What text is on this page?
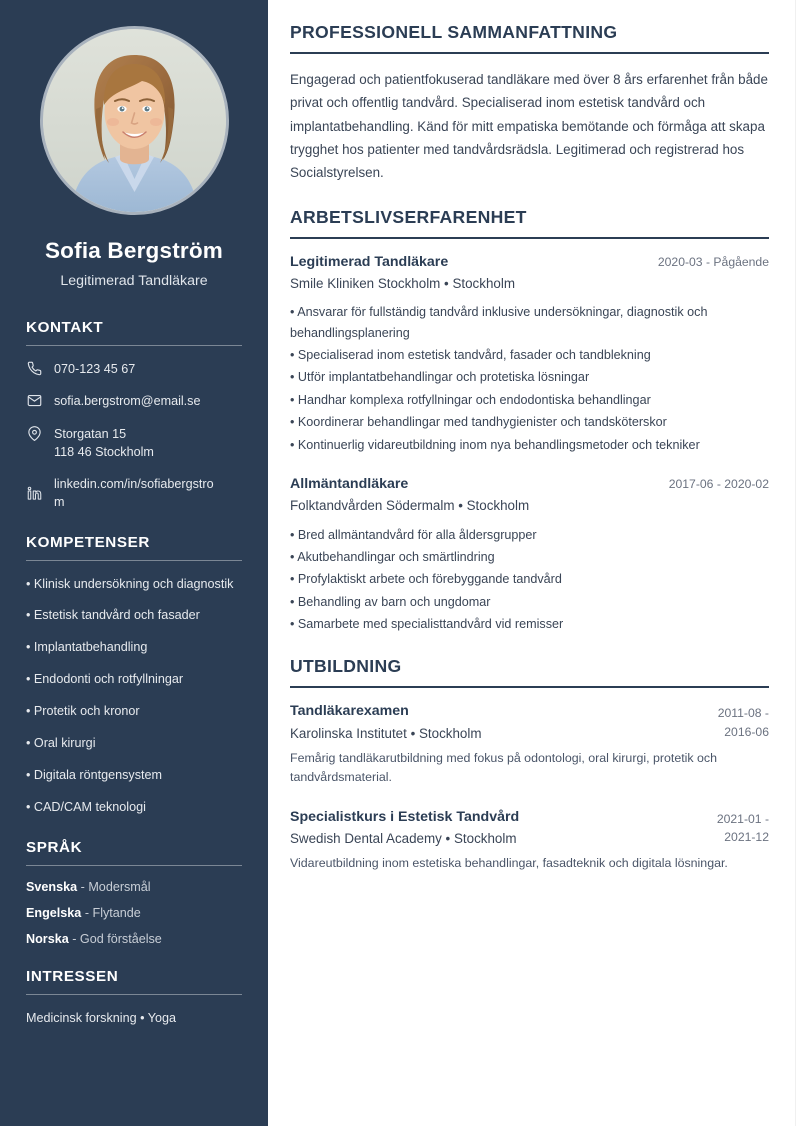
Sofia Bergström
Legitimerad Tandläkare
KONTAKT
070-123 45 67
sofia.bergstrom@email.se
Storgatan 15
118 46 Stockholm
linkedin.com/in/sofiabergstro
m
KOMPETENSER
• Klinisk undersökning och diagnostik
• Estetisk tandvård och fasader
• Implantatbehandling
• Endodonti och rotfyllningar
• Protetik och kronor
• Oral kirurgi
• Digitala röntgensystem
• CAD/CAM teknologi
SPRÅK
Svenska - Modersmål
Engelska - Flytande
Norska - God förståelse
INTRESSEN
Medicinsk forskning • Yoga
PROFESSIONELL SAMMANFATTNING

Engagerad och patientfokuserad tandläkare med över 8 års erfarenhet från både privat och offentlig tandvård. Specialiserad inom estetisk tandvård och implantatbehandling. Känd för mitt empatiska bemötande och förmåga att skapa trygghet hos patienter med tandvårdsrädsla. Legitimerad och registrerad hos Socialstyrelsen.

ARBETSLIVSERFARENHET
Legitimerad Tandläkare
Smile Kliniken Stockholm • Stockholm
2020-03 - Pågående
• Ansvarar för fullständig tandvård inklusive undersökningar, diagnostik och behandlingsplanering
• Specialiserad inom estetisk tandvård, fasader och tandblekning
• Utför implantatbehandlingar och protetiska lösningar
• Handhar komplexa rotfyllningar och endodontiska behandlingar
• Koordinerar behandlingar med tandhygienister och tandsköterskor
• Kontinuerlig vidareutbildning inom nya behandlingsmetoder och tekniker
Allmäntandläkare
Folktandvården Södermalm • Stockholm
2017-06 - 2020-02
• Bred allmäntandvård för alla åldersgrupper
• Akutbehandlingar och smärtlindring
• Profylaktiskt arbete och förebyggande tandvård
• Behandling av barn och ungdomar
• Samarbete med specialisttandvård vid remisser
UTBILDNING
Tandläkarexamen
Karolinska Institutet • Stockholm
2011-08 - 2016-06
Femårig tandläkarutbildning med fokus på odontologi, oral kirurgi, protetik och tandvårdsmaterial.
Specialistkurs i Estetisk Tandvård
Swedish Dental Academy • Stockholm
2021-01 - 2021-12
Vidareutbildning inom estetiska behandlingar, fasadteknik och digitala lösningar.
